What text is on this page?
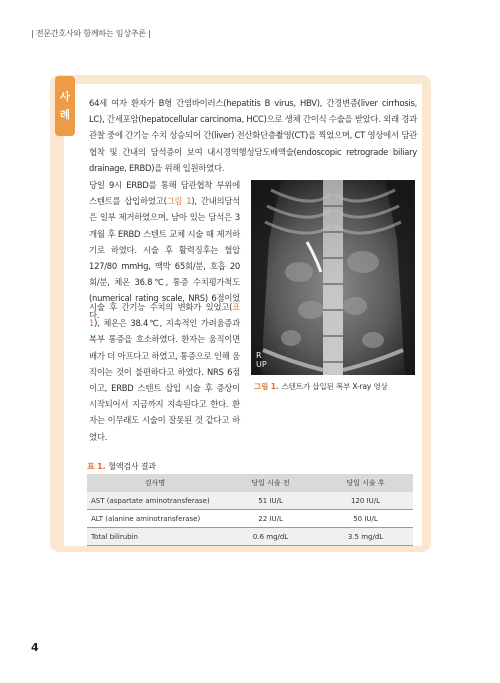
| 전문간호사와 함께하는 임상추론 |
사
례

64세 여자 환자가 B형 간염바이러스(hepatitis B virus, HBV), 간경변증(liver cirrhosis, LC), 간세포암(hepatocellular carcinoma, HCC)으로 생체 간이식 수술을 받았다. 외래 경과 관찰 중에 간기능 수치 상승되어 간(liver) 전산화단층촬영(CT)을 찍었으며, CT 영상에서 담관협착 및 간내의 담석증이 보여 내시경역행성담도배액술(endoscopic retrograde biliary drainage, ERBD)을 위해 입원하였다.

당일 9시 ERBD를 통해 담관협착 부위에 스텐트를 삽입하였고(그림 1), 간내의담석은 일부 제거하였으며, 남아 있는 담석은 3개월 후 ERBD 스텐트 교체 시술 때 제거하기로 하였다. 시술 후 활력징후는 혈압 127/80 mmHg, 맥박 65회/분, 호흡 20회/분, 체온 36.8℃, 통증 수치평가척도(numerical rating scale, NRS) 6점이었다.

시술 후 간기능 수치의 변화가 있었고(표 1), 체온은 38.4℃, 지속적인 가려움증과 복부 통증을 호소하였다. 환자는 움직이면 배가 더 아프다고 하였고, 통증으로 인해 움직이는 것이 불편하다고 하였다. NRS 6점이고, ERBD 스텐트 삽입 시술 후 증상이 시작되어서 지금까지 지속된다고 한다. 환자는 이무래도 시술이 잘못된 것 같다고 하였다.

R
UP
그림 1. 스텐트가 삽입된 복부 X-ray 영상
표 1. 혈액검사 결과
검사명	당일 시술 전	당일 시술 후
AST (aspartate aminotransferase)	51 IU/L	120 IU/L
ALT (alanine aminotransferase)	22 IU/L	50 IU/L
Total bilirubin	0.6 mg/dL	3.5 mg/dL
4
